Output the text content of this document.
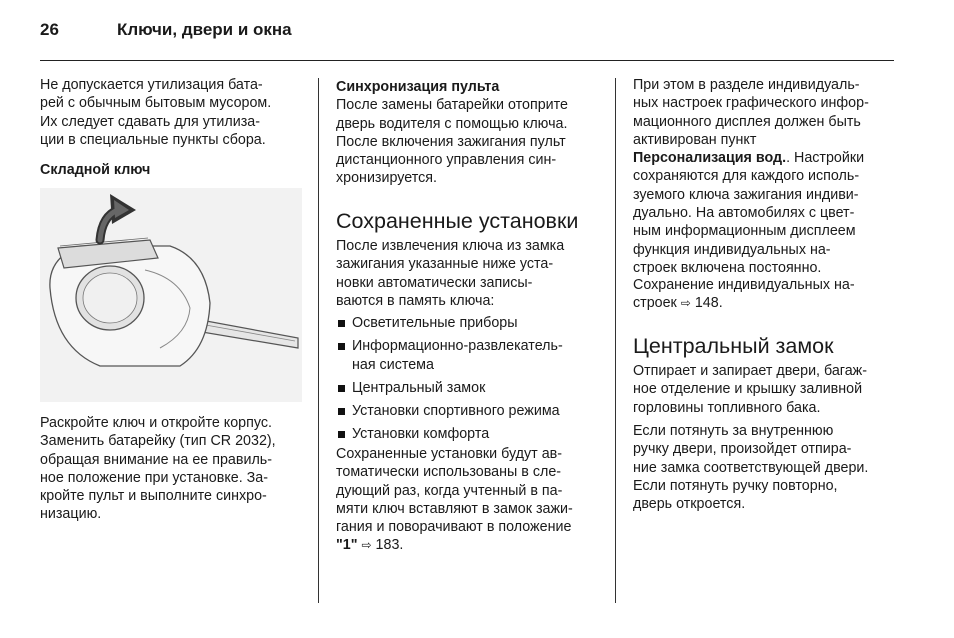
26	Ключи, двери и окна

Не допускается утилизация бата-

рей с обычным бытовым мусором.

Их следует сдавать для утилиза-

ции в специальные пункты сбора.

Складной ключ

Раскройте ключ и откройте корпус.

Заменить батарейку (тип CR 2032),

обращая внимание на ее правиль-

ное положение при установке. За-

кройте пульт и выполните синхро-

низацию.

Синхронизация пульта

После замены батарейки отоприте

дверь водителя с помощью ключа.

После включения зажигания пульт

дистанционного управления син-

хронизируется.

Сохраненные установки

После извлечения ключа из замка

зажигания указанные ниже уста-

новки автоматически записы-

ваются в память ключа:

Осветительные приборы
Информационно-развлекатель-
ная система
Центральный замок
Установки спортивного режима
Установки комфорта

Сохраненные установки будут ав-

томатически использованы в сле-

дующий раз, когда учтенный в па-

мяти ключ вставляют в замок зажи-

гания и поворачивают в положение

"1" ⇨ 183.

При этом в разделе индивидуаль-

ных настроек графического инфор-

мационного дисплея должен быть

активирован пункт

Персонализация вод.. Настройки

сохраняются для каждого исполь-

зуемого ключа зажигания индиви-

дуально. На автомобилях с цвет-

ным информационным дисплеем

функция индивидуальных на-

строек включена постоянно.

Сохранение индивидуальных на-

строек ⇨ 148.

Центральный замок

Отпирает и запирает двери, багаж-

ное отделение и крышку заливной

горловины топливного бака.

Если потянуть за внутреннюю

ручку двери, произойдет отпира-

ние замка соответствующей двери.

Если потянуть ручку повторно,

дверь откроется.
